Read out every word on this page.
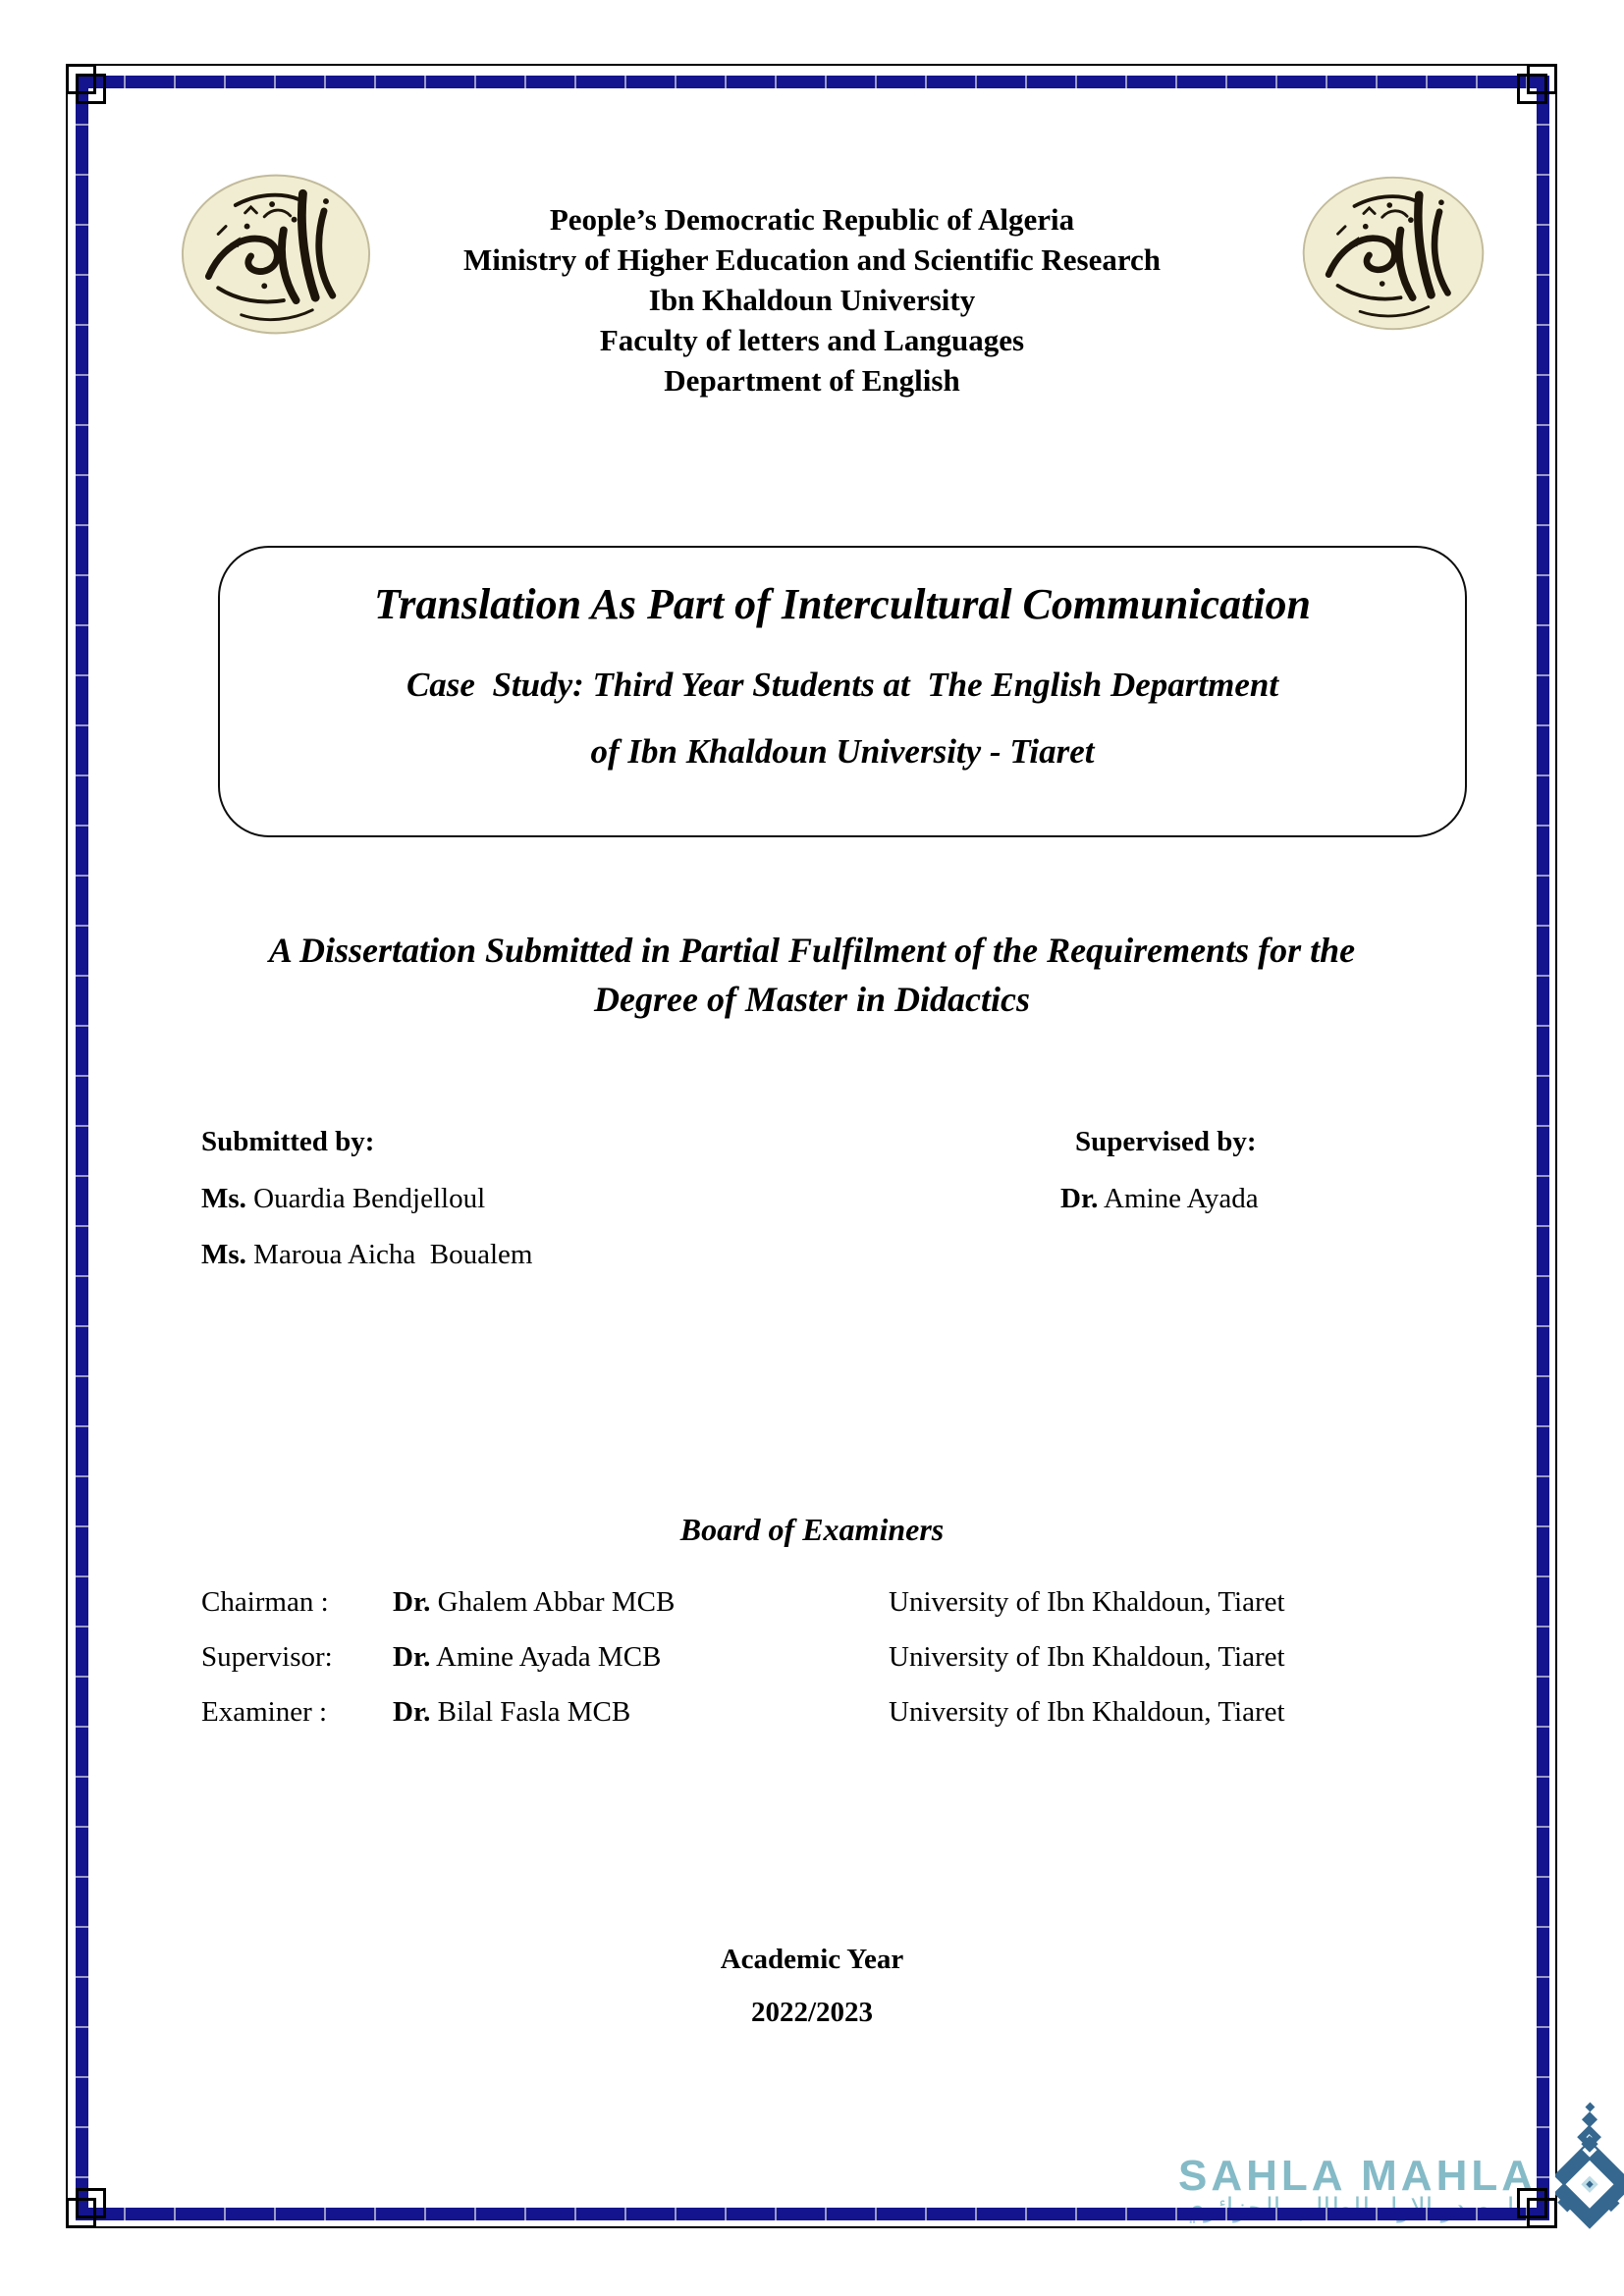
People’s Democratic Republic of Algeria
Ministry of Higher Education and Scientific Research
Ibn Khaldoun University
Faculty of letters and Languages
Department of English
Translation As Part of Intercultural Communication
Case  Study: Third Year Students at  The English Department
of Ibn Khaldoun University - Tiaret
A Dissertation Submitted in Partial Fulfilment of the Requirements for the
Degree of Master in Didactics
Submitted by:
Ms. Ouardia Bendjelloul
Ms. Maroua Aicha  Boualem
Supervised by:
Dr. Amine Ayada
Board of Examiners
Chairman : Dr. Ghalem Abbar MCB	University of Ibn Khaldoun, Tiaret
Supervisor: Dr. Amine Ayada MCB	University of Ibn Khaldoun, Tiaret
Examiner : Dr. Bilal Fasla MCB	University of Ibn Khaldoun, Tiaret
Academic Year
2022/2023
SAHLA MAHLA
